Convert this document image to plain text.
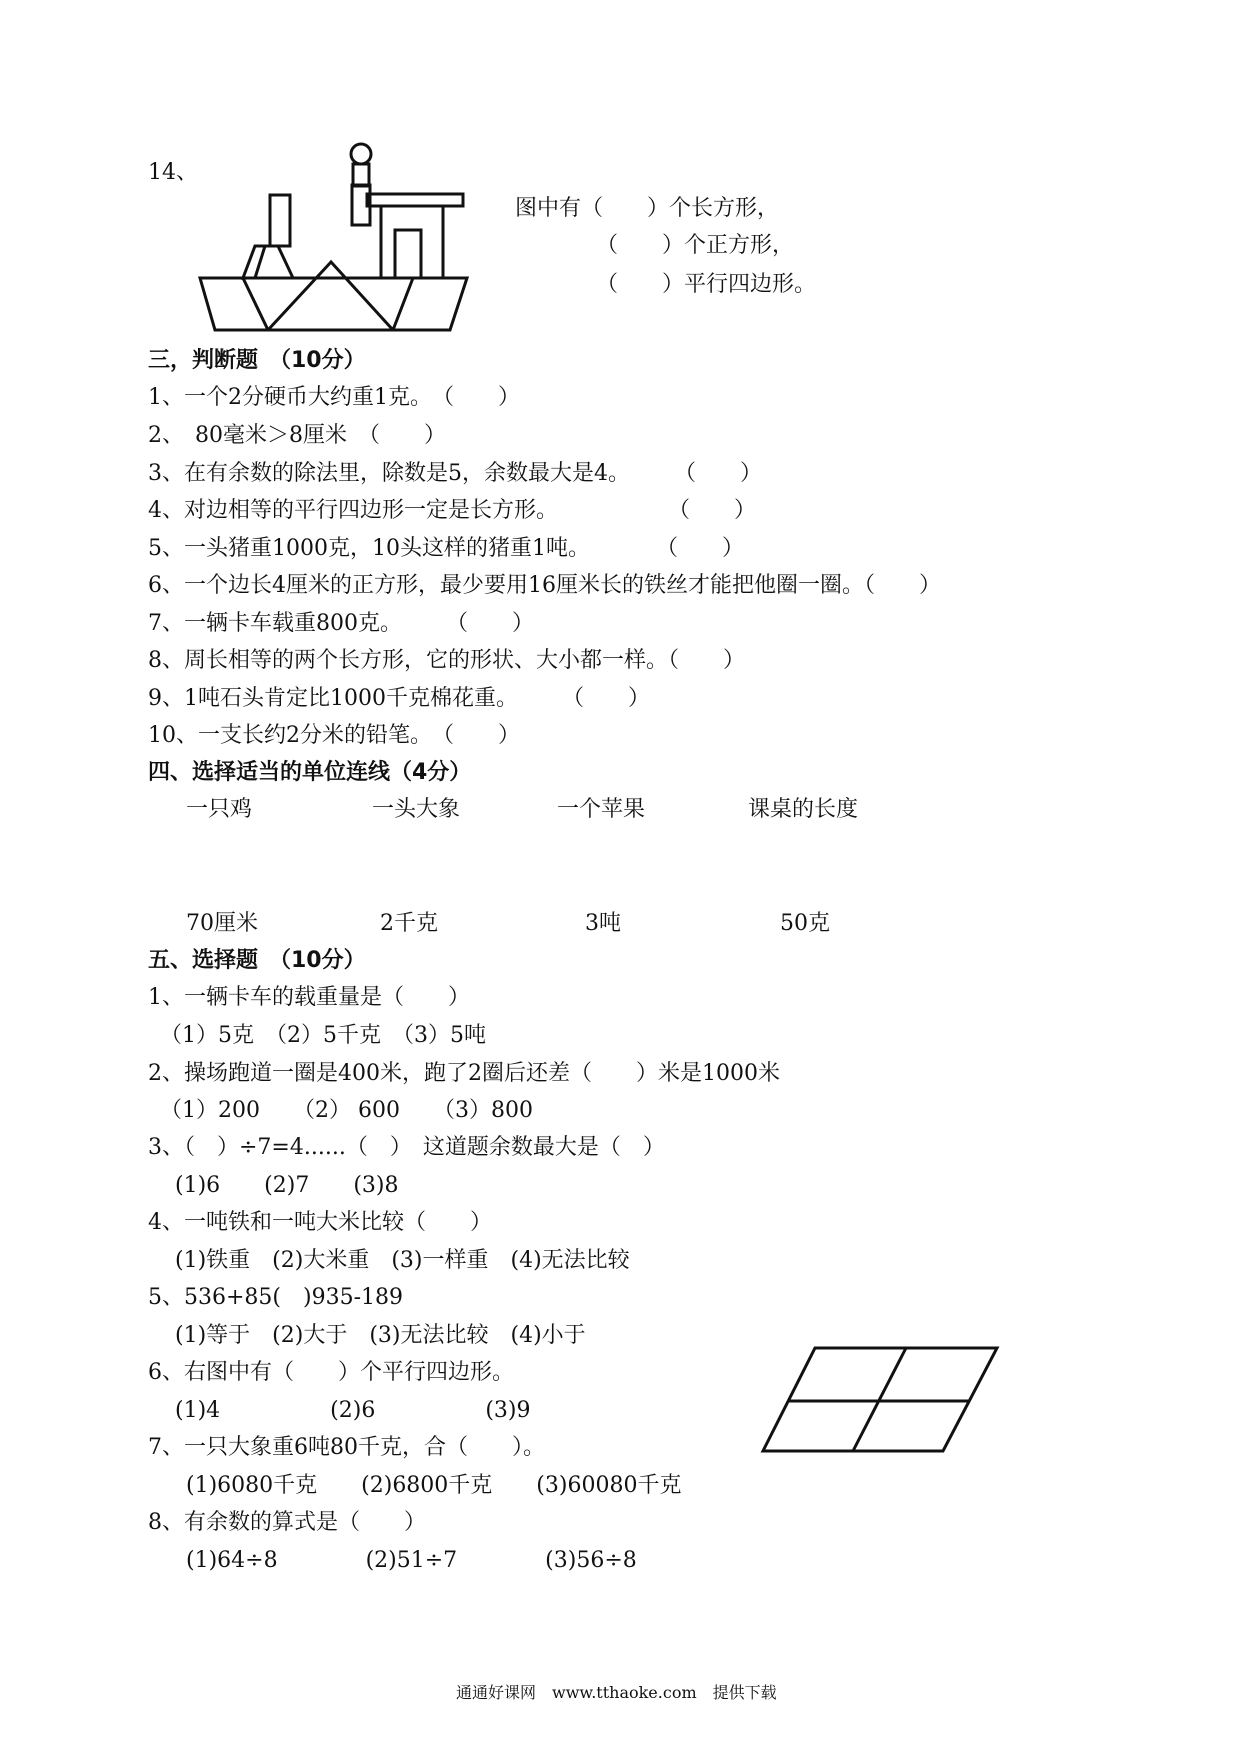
14、
图中有（　　）个长方形，
（　　）个正方形，
（　　）平行四边形。
三，判断题　（10分）
1、一个2分硬币大约重1克。　（　　）
2、　80毫米＞8厘米　（　　）
3、在有余数的除法里，除数是5，余数最大是4。　　　（　　）
4、对边相等的平行四边形一定是长方形。　　　　　　（　　）
5、一头猪重1000克，10头这样的猪重1吨。　　　　（　　）
6、一个边长4厘米的正方形，最少要用16厘米长的铁丝才能把他圈一圈。（　　）
7、一辆卡车载重800克。　　　（　　）
8、周长相等的两个长方形，它的形状、大小都一样。（　　）
9、1吨石头肯定比1000千克棉花重。　　　（　　）
10、一支长约2分米的铅笔。　（　　）
四、选择适当的单位连线（4分）
一只鸡	一头大象	一个苹果	课桌的长度
70厘米	2千克	3吨	50克
五、选择题　（10分）
1、一辆卡车的载重量是（　　）
（1）5克　（2）5千克　（3）5吨
2、操场跑道一圈是400米，跑了2圈后还差（　　）米是1000米
（1）200　　（2） 600　　（3）800
3、（　）÷7=4......（　）　这道题余数最大是（　）
(1)6　　(2)7　　(3)8
4、一吨铁和一吨大米比较（　　）
(1)铁重　(2)大米重　(3)一样重　(4)无法比较
5、536+85(　)935-189
(1)等于　(2)大于　(3)无法比较　(4)小于
6、右图中有（　　）个平行四边形。
(1)4　　　　　(2)6　　　　　(3)9
7、一只大象重6吨80千克，合（　　）。
(1)6080千克　　(2)6800千克　　(3)60080千克
8、有余数的算式是（　　）
(1)64÷8　　　　(2)51÷7　　　　(3)56÷8
通通好课网　www.tthaoke.com　提供下载
